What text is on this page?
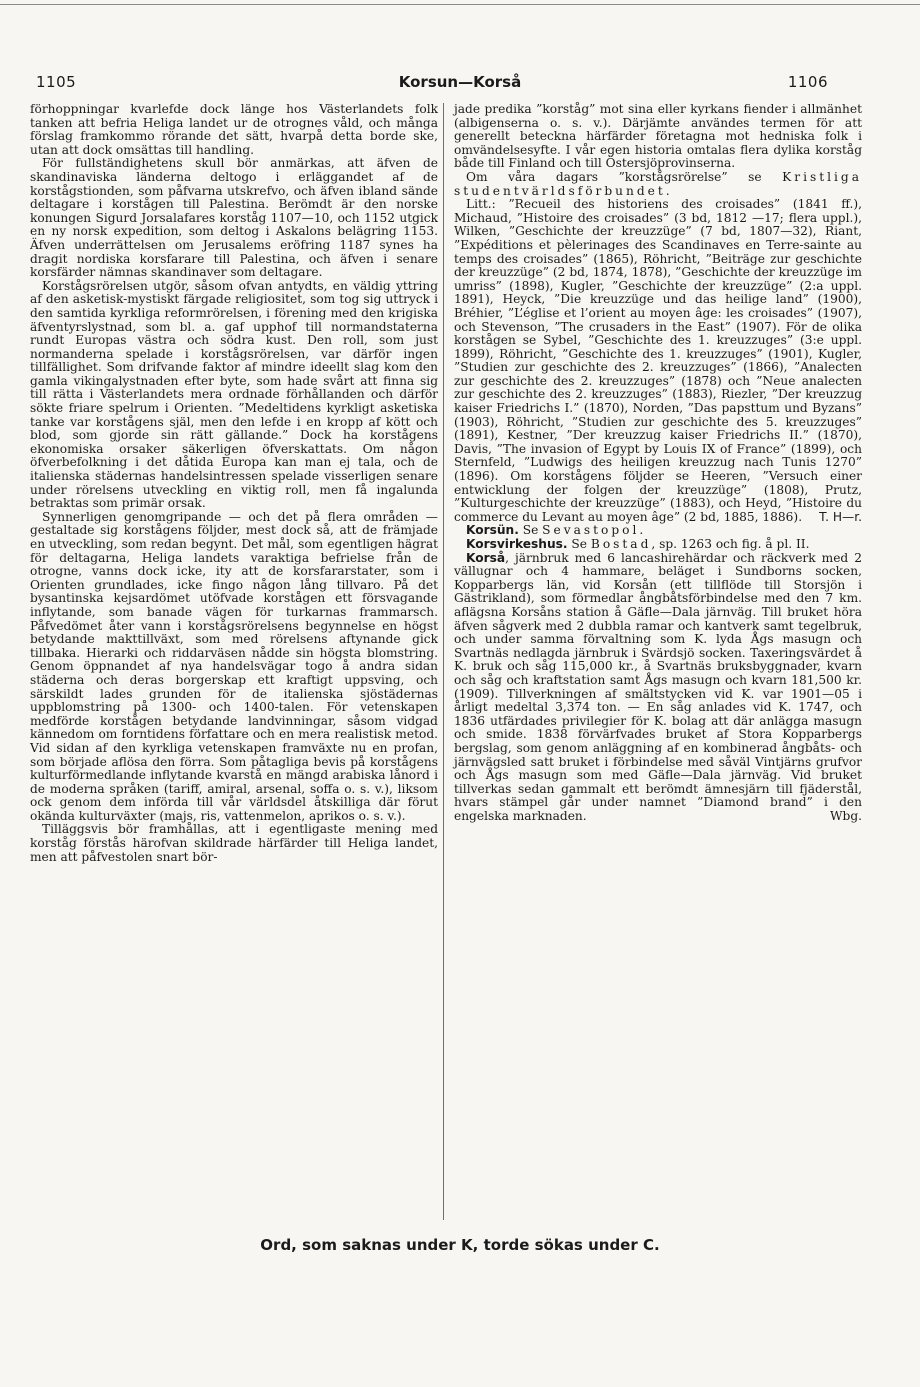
1105	Korsun—Korså	1106

förhoppningar kvarlefde dock länge hos Västerlandets folk tanken att befria Heliga landet ur de otrognes våld, och många förslag framkommo rörande det sätt, hvarpå detta borde ske, utan att dock omsättas till handling.

För fullständighetens skull bör anmärkas, att äfven de skandinaviska länderna deltogo i erläggandet af de korstågstionden, som påfvarna utskrefvo, och äfven ibland sände deltagare i korstågen till Palestina. Berömdt är den norske konungen Sigurd Jorsalafares korståg 1107—10, och 1152 utgick en ny norsk expedition, som deltog i Askalons belägring 1153. Äfven underrättelsen om Jerusalems eröfring 1187 synes ha dragit nordiska korsfarare till Palestina, och äfven i senare korsfärder nämnas skandinaver som deltagare.

Korstågsrörelsen utgör, såsom ofvan antydts, en väldig yttring af den asketisk-mystiskt färgade religiositet, som tog sig uttryck i den samtida kyrkliga reformrörelsen, i förening med den krigiska äfventyrslystnad, som bl. a. gaf upphof till normandstaterna rundt Europas västra och södra kust. Den roll, som just normanderna spelade i korstågsrörelsen, var därför ingen tillfällighet. Som drifvande faktor af mindre ideellt slag kom den gamla vikingalystnaden efter byte, som hade svårt att finna sig till rätta i Västerlandets mera ordnade förhållanden och därför sökte friare spelrum i Orienten. ”Medeltidens kyrkligt asketiska tanke var korstågens själ, men den lefde i en kropp af kött och blod, som gjorde sin rätt gällande.” Dock ha korstågens ekonomiska orsaker säkerligen öfverskattats. Om någon öfverbefolkning i det dåtida Europa kan man ej tala, och de italienska städernas handelsintressen spelade visserligen senare under rörelsens utveckling en viktig roll, men få ingalunda betraktas som primär orsak.

Synnerligen genomgripande — och det på flera områden — gestaltade sig korstågens följder, mest dock så, att de främjade en utveckling, som redan begynt. Det mål, som egentligen hägrat för deltagarna, Heliga landets varaktiga befrielse från de otrogne, vanns dock icke, ity att de korsfararstater, som i Orienten grundlades, icke fingo någon lång tillvaro. På det bysantinska kejsardömet utöfvade korstågen ett försvagande inflytande, som banade vägen för turkarnas frammarsch. Påfvedömet åter vann i korstågsrörelsens begynnelse en högst betydande makttillväxt, som med rörelsens aftynande gick tillbaka. Hierarki och riddarväsen nådde sin högsta blomstring. Genom öppnandet af nya handelsvägar togo å andra sidan städerna och deras borgerskap ett kraftigt uppsving, och särskildt lades grunden för de italienska sjöstädernas uppblomstring på 1300- och 1400-talen. För vetenskapen medförde korstågen betydande landvinningar, såsom vidgad kännedom om forntidens författare och en mera realistisk metod. Vid sidan af den kyrkliga vetenskapen framväxte nu en profan, som började aflösa den förra. Som påtagliga bevis på korstågens kulturförmedlande inflytande kvarstå en mängd arabiska lånord i de moderna språken (tariff, amiral, arsenal, soffa o. s. v.), liksom ock genom dem införda till vår världsdel åtskilliga där förut okända kulturväxter (majs, ris, vattenmelon, aprikos o. s. v.).

Tilläggsvis bör framhållas, att i egentligaste mening med korståg förstås härofvan skildrade härfärder till Heliga landet, men att påfvestolen snart bör-

jade predika ”korståg” mot sina eller kyrkans fiender i allmänhet (albigenserna o. s. v.). Därjämte användes termen för att generellt beteckna härfärder företagna mot hedniska folk i omvändelsesyfte. I vår egen historia omtalas flera dylika korståg både till Finland och till Östersjöprovinserna.

Om våra dagars ”korstågsrörelse” se Kristliga studentvärldsförbundet.

Litt.: ”Recueil des historiens des croisades” (1841 ff.), Michaud, ”Histoire des croisades” (3 bd, 1812 —17; flera uppl.), Wilken, ”Geschichte der kreuzzüge” (7 bd, 1807—32), Riant, ”Expéditions et pèlerinages des Scandinaves en Terre-sainte au temps des croisades” (1865), Röhricht, ”Beiträge zur geschichte der kreuzzüge” (2 bd, 1874, 1878), ”Geschichte der kreuzzüge im umriss” (1898), Kugler, ”Geschichte der kreuzzüge” (2:a uppl. 1891), Heyck, ”Die kreuzzüge und das heilige land” (1900), Bréhier, ”L’église et l’orient au moyen âge: les croisades” (1907), och Stevenson, ”The crusaders in the East” (1907). För de olika korstågen se Sybel, ”Geschichte des 1. kreuzzuges” (3:e uppl. 1899), Röhricht, ”Geschichte des 1. kreuzzuges” (1901), Kugler, ”Studien zur geschichte des 2. kreuzzuges” (1866), ”Analecten zur geschichte des 2. kreuzzuges” (1878) och ”Neue analecten zur geschichte des 2. kreuzzuges” (1883), Riezler, ”Der kreuzzug kaiser Friedrichs I.” (1870), Norden, ”Das papsttum und Byzans” (1903), Röhricht, ”Studien zur geschichte des 5. kreuzzuges” (1891), Kestner, ”Der kreuzzug kaiser Friedrichs II.” (1870), Davis, ”The invasion of Egypt by Louis IX of France” (1899), och Sternfeld, ”Ludwigs des heiligen kreuzzug nach Tunis 1270” (1896). Om korstågens följder se Heeren, ”Versuch einer entwicklung der folgen der kreuzzüge” (1808), Prutz, ”Kulturgeschichte der kreuzzüge” (1883), och Heyd, ”Histoire du commerce du Levant au moyen âge” (2 bd, 1885, 1886).	T. H—r.

Korsün. Se Sevastopol.

Korsvirkeshus. Se Bostad, sp. 1263 och fig. å pl. II.

Korså, järnbruk med 6 lancashirehärdar och räckverk med 2 vällugnar och 4 hammare, beläget i Sundborns socken, Kopparbergs län, vid Korsån (ett tillflöde till Storsjön i Gästrikland), som förmedlar ångbåtsförbindelse med den 7 km. aflägsna Korsåns station å Gäfle—Dala järnväg. Till bruket höra äfven sågverk med 2 dubbla ramar och kantverk samt tegelbruk, och under samma förvaltning som K. lyda Ågs masugn och Svartnäs nedlagda järnbruk i Svärdsjö socken. Taxeringsvärdet å K. bruk och såg 115,000 kr., å Svartnäs bruksbyggnader, kvarn och såg och kraftstation samt Ågs masugn och kvarn 181,500 kr. (1909). Tillverkningen af smältstycken vid K. var 1901—05 i årligt medeltal 3,374 ton. — En såg anlades vid K. 1747, och 1836 utfärdades privilegier för K. bolag att där anlägga masugn och smide. 1838 förvärfvades bruket af Stora Kopparbergs bergslag, som genom anläggning af en kombinerad ångbåts- och järnvägsled satt bruket i förbindelse med såväl Vintjärns grufvor och Ågs masugn som med Gäfle—Dala järnväg. Vid bruket tillverkas sedan gammalt ett berömdt ämnesjärn till fjäderstål, hvars stämpel går under namnet ”Diamond brand” i den engelska marknaden.	Wbg.

Ord, som saknas under K, torde sökas under C.
